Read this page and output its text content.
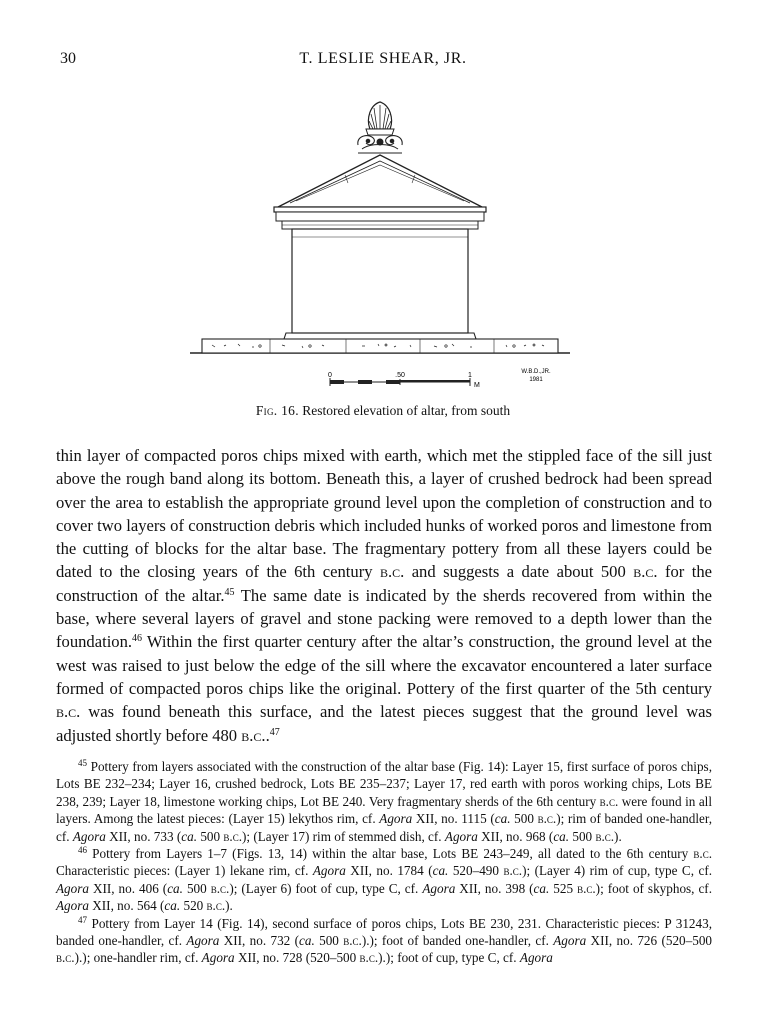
30	T. LESLIE SHEAR, JR.
0	.50	1
M
W.B.D.,JR.
1981
Fig. 16. Restored elevation of altar, from south

thin layer of compacted poros chips mixed with earth, which met the stippled face of the sill just above the rough band along its bottom. Beneath this, a layer of crushed bedrock had been spread over the area to establish the appropriate ground level upon the completion of construction and to cover two layers of construction debris which included hunks of worked poros and limestone from the cutting of blocks for the altar base. The fragmentary pottery from all these layers could be dated to the closing years of the 6th century b.c. and suggests a date about 500 b.c. for the construction of the altar.$^{45}$ The same date is indicated by the sherds recovered from within the base, where several layers of gravel and stone packing were removed to a depth lower than the foundation.$^{46}$ Within the first quarter century after the altar’s construction, the ground level at the west was raised to just below the edge of the sill where the excavator encountered a later surface formed of compacted poros chips like the original. Pottery of the first quarter of the 5th century b.c. was found beneath this surface, and the latest pieces suggest that the ground level was adjusted shortly before 480 b.c..$^{47}$

$^{45}$ Pottery from layers associated with the construction of the altar base (Fig. 14): Layer 15, first surface of poros chips, Lots BE 232–234; Layer 16, crushed bedrock, Lots BE 235–237; Layer 17, red earth with poros working chips, Lots BE 238, 239; Layer 18, limestone working chips, Lot BE 240. Very fragmentary sherds of the 6th century b.c. were found in all layers. Among the latest pieces: (Layer 15) lekythos rim, cf. Agora XII, no. 1115 (ca. 500 b.c.); rim of banded one-handler, cf. Agora XII, no. 733 (ca. 500 b.c.); (Layer 17) rim of stemmed dish, cf. Agora XII, no. 968 (ca. 500 b.c.).

$^{46}$ Pottery from Layers 1–7 (Figs. 13, 14) within the altar base, Lots BE 243–249, all dated to the 6th century b.c. Characteristic pieces: (Layer 1) lekane rim, cf. Agora XII, no. 1784 (ca. 520–490 b.c.); (Layer 4) rim of cup, type C, cf. Agora XII, no. 406 (ca. 500 b.c.); (Layer 6) foot of cup, type C, cf. Agora XII, no. 398 (ca. 525 b.c.); foot of skyphos, cf. Agora XII, no. 564 (ca. 520 b.c.).

$^{47}$ Pottery from Layer 14 (Fig. 14), second surface of poros chips, Lots BE 230, 231. Characteristic pieces: P 31243, banded one-handler, cf. Agora XII, no. 732 (ca. 500 b.c.).); foot of banded one-handler, cf. Agora XII, no. 726 (520–500 b.c.).); one-handler rim, cf. Agora XII, no. 728 (520–500 b.c.).); foot of cup, type C, cf. Agora
